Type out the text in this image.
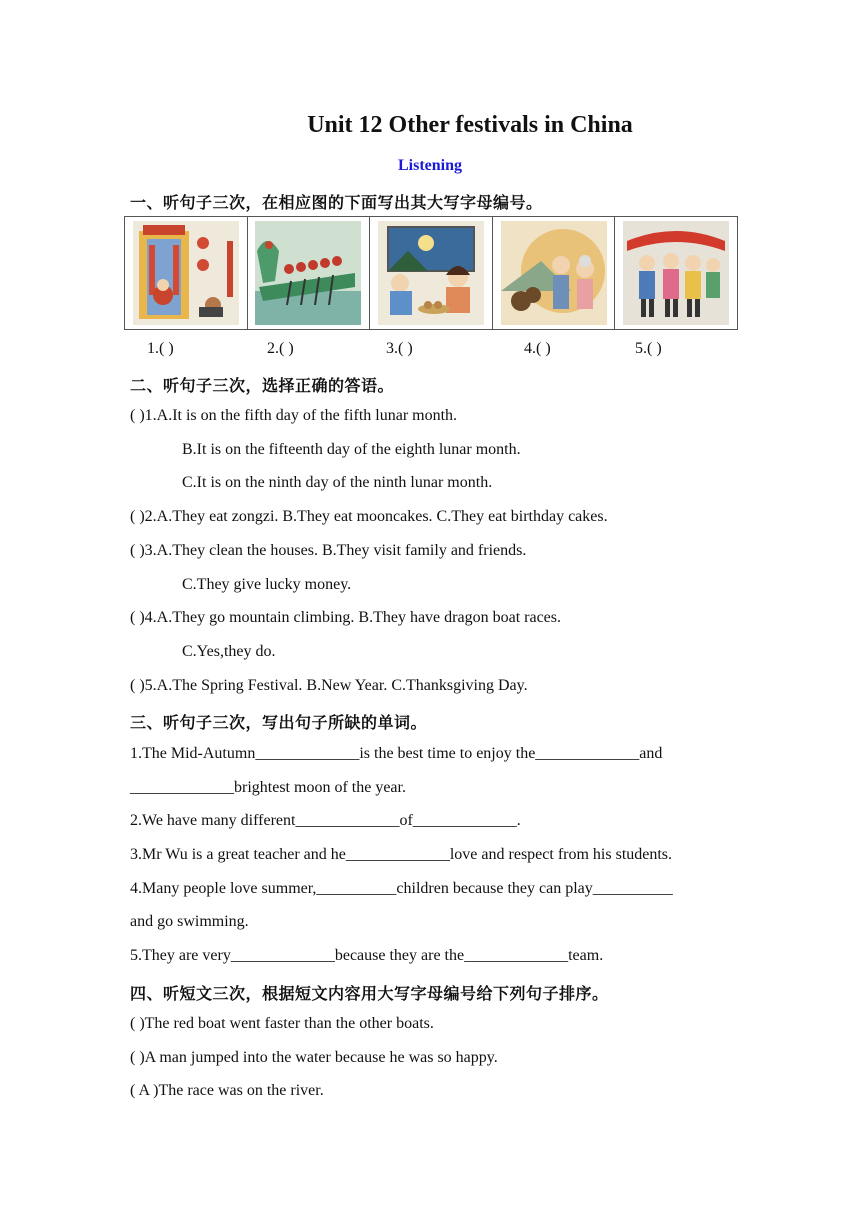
Unit 12 Other festivals in China
Listening
一、听句子三次，在相应图的下面写出其大写字母编号。
1.( )	2.( )	3.( )	4.( )	5.( )
二、听句子三次，选择正确的答语。
( )1.A.It is on the fifth day of the fifth lunar month.
B.It is on the fifteenth day of the eighth lunar month.
C.It is on the ninth day of the ninth lunar month.
( )2.A.They eat zongzi. B.They eat mooncakes. C.They eat birthday cakes.
( )3.A.They clean the houses. B.They visit family and friends.
C.They give lucky money.
( )4.A.They go mountain climbing. B.They have dragon boat races.
C.Yes,they do.
( )5.A.The Spring Festival. B.New Year. C.Thanksgiving Day.
三、听句子三次，写出句子所缺的单词。
1.The Mid-Autumn_____________is the best time to enjoy the_____________and
_____________brightest moon of the year.
2.We have many different_____________of_____________.
3.Mr Wu is a great teacher and he_____________love and respect from his students.
4.Many people love summer,__________children because they can play__________
and go swimming.
5.They are very_____________because they are the_____________team.
四、听短文三次，根据短文内容用大写字母编号给下列句子排序。
( )The red boat went faster than the other boats.
( )A man jumped into the water because he was so happy.
( A )The race was on the river.
